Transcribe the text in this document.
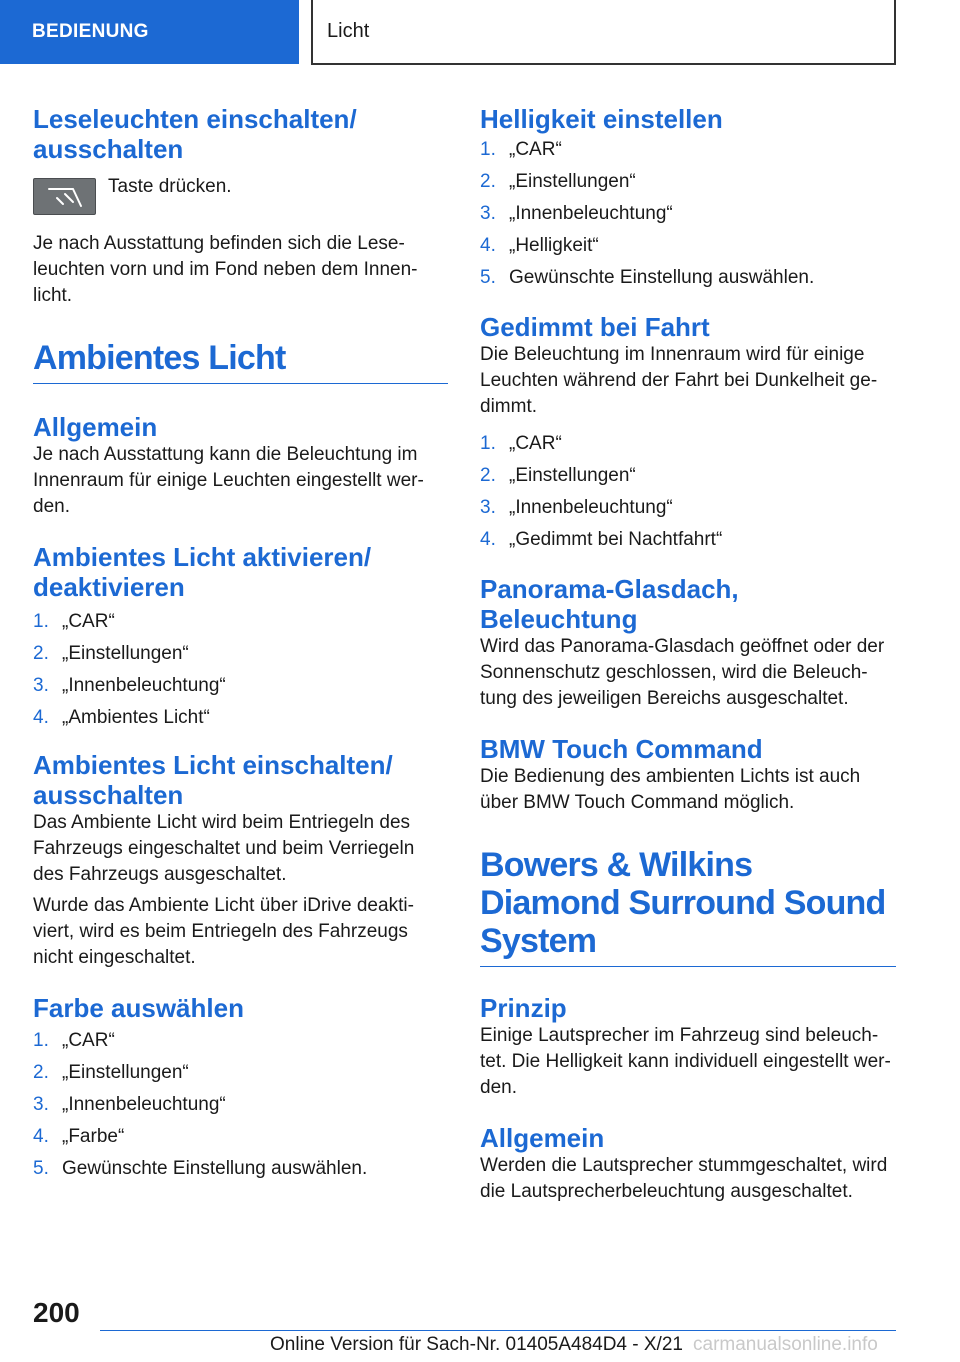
BEDIENUNG	Licht
Leseleuchten einschalten/ ausschalten

Taste drücken.

Je nach Ausstattung befinden sich die Leseleuchten vorn und im Fond neben dem Innenlicht.

Ambientes Licht
Allgemein

Je nach Ausstattung kann die Beleuchtung im Innenraum für einige Leuchten eingestellt werden.

Ambientes Licht aktivieren/ deaktivieren
1. „CAR“
2. „Einstellungen“
3. „Innenbeleuchtung“
4. „Ambientes Licht“
Ambientes Licht einschalten/ ausschalten

Das Ambiente Licht wird beim Entriegeln des Fahrzeugs eingeschaltet und beim Verriegeln des Fahrzeugs ausgeschaltet.

Wurde das Ambiente Licht über iDrive deaktiviert, wird es beim Entriegeln des Fahrzeugs nicht eingeschaltet.

Farbe auswählen
1. „CAR“
2. „Einstellungen“
3. „Innenbeleuchtung“
4. „Farbe“
5. Gewünschte Einstellung auswählen.
Helligkeit einstellen
1. „CAR“
2. „Einstellungen“
3. „Innenbeleuchtung“
4. „Helligkeit“
5. Gewünschte Einstellung auswählen.
Gedimmt bei Fahrt

Die Beleuchtung im Innenraum wird für einige Leuchten während der Fahrt bei Dunkelheit gedimmt.

1. „CAR“
2. „Einstellungen“
3. „Innenbeleuchtung“
4. „Gedimmt bei Nachtfahrt“
Panorama-Glasdach, Beleuchtung

Wird das Panorama-Glasdach geöffnet oder der Sonnenschutz geschlossen, wird die Beleuchtung des jeweiligen Bereichs ausgeschaltet.

BMW Touch Command

Die Bedienung des ambienten Lichts ist auch über BMW Touch Command möglich.

Bowers & Wilkins Diamond Surround Sound System
Prinzip

Einige Lautsprecher im Fahrzeug sind beleuchtet. Die Helligkeit kann individuell eingestellt werden.

Allgemein

Werden die Lautsprecher stummgeschaltet, wird die Lautsprecherbeleuchtung ausgeschaltet.

200
Online Version für Sach-Nr. 01405A484D4 - X/21 carmanualsonline.info
